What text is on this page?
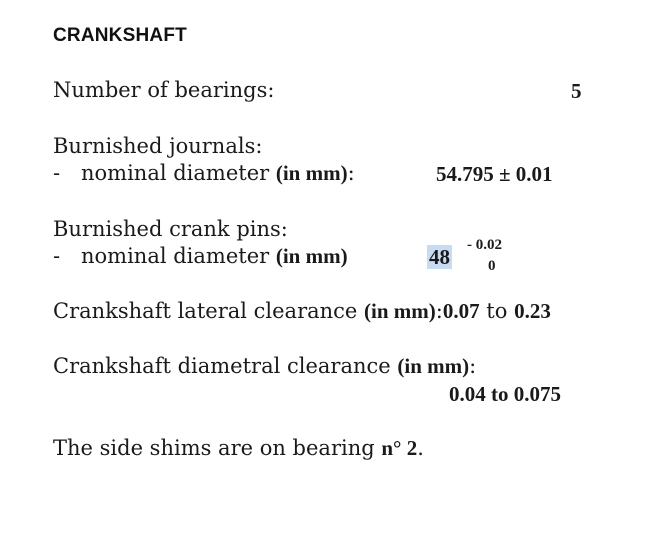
CRANKSHAFT
Number of bearings:	5
Burnished journals:
- nominal diameter (in mm):	54.795 ± 0.01
Burnished crank pins:
- nominal diameter (in mm)	48 - 0.02
0
Crankshaft lateral clearance (in mm):0.07 to 0.23
Crankshaft diametral clearance (in mm):
0.04 to 0.075
The side shims are on bearing n° 2.
